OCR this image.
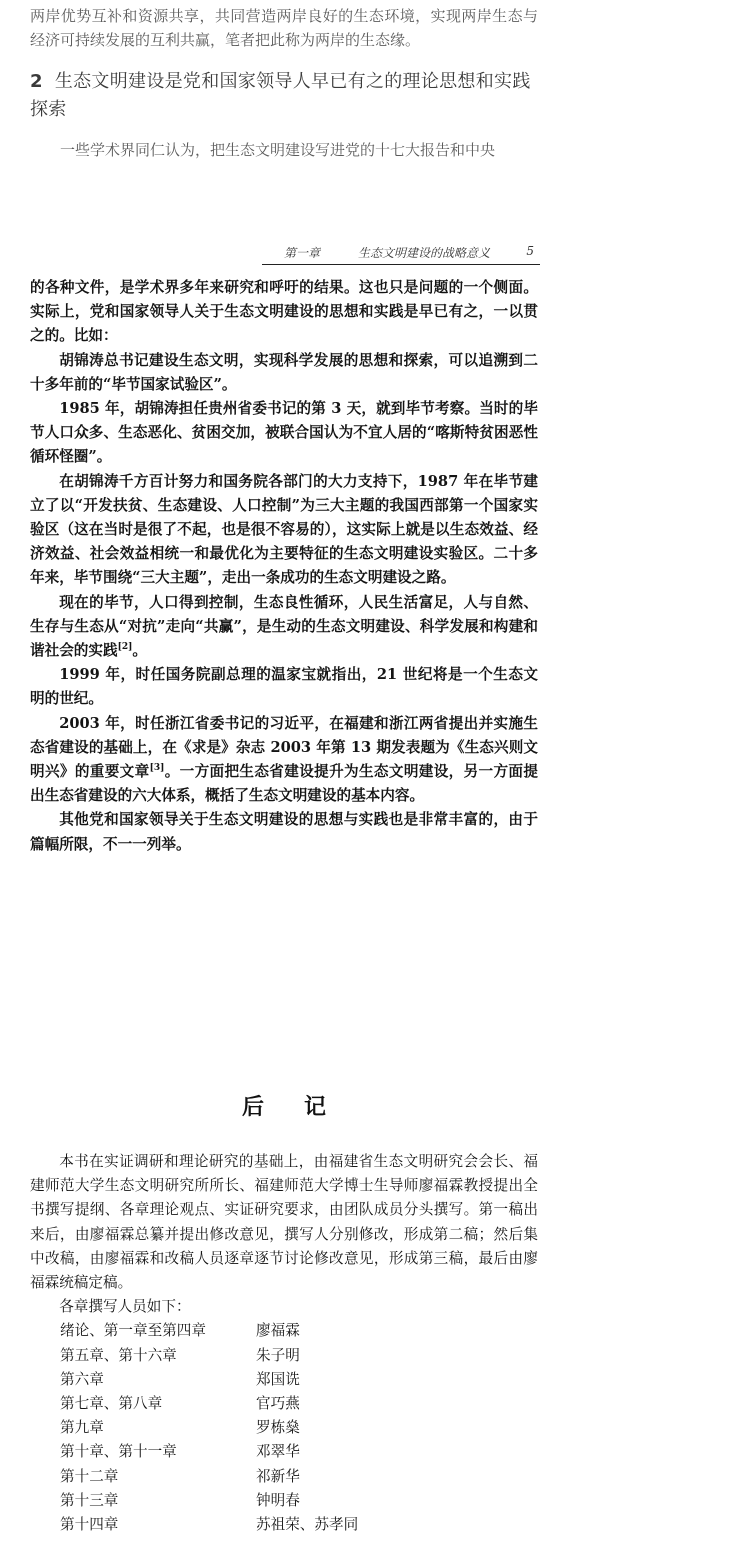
两岸优势互补和资源共享，共同营造两岸良好的生态环境，实现两岸生态与经济可持续发展的互利共赢，笔者把此称为两岸的生态缘。

2 生态文明建设是党和国家领导人早已有之的理论思想和实践探索

一些学术界同仁认为，把生态文明建设写进党的十七大报告和中央

第一章	生态文明建设的战略意义	5

的各种文件，是学术界多年来研究和呼吁的结果。这也只是问题的一个侧面。实际上，党和国家领导人关于生态文明建设的思想和实践是早已有之，一以贯之的。比如：

胡锦涛总书记建设生态文明，实现科学发展的思想和探索，可以追溯到二十多年前的“毕节国家试验区”。

1985 年，胡锦涛担任贵州省委书记的第 3 天，就到毕节考察。当时的毕节人口众多、生态恶化、贫困交加，被联合国认为不宜人居的“喀斯特贫困恶性循环怪圈”。

在胡锦涛千方百计努力和国务院各部门的大力支持下，1987 年在毕节建立了以“开发扶贫、生态建设、人口控制”为三大主题的我国西部第一个国家实验区（这在当时是很了不起，也是很不容易的），这实际上就是以生态效益、经济效益、社会效益相统一和最优化为主要特征的生态文明建设实验区。二十多年来，毕节围绕“三大主题”，走出一条成功的生态文明建设之路。

现在的毕节，人口得到控制，生态良性循环，人民生活富足，人与自然、生存与生态从“对抗”走向“共赢”，是生动的生态文明建设、科学发展和构建和谐社会的实践[2]。

1999 年，时任国务院副总理的温家宝就指出，21 世纪将是一个生态文明的世纪。

2003 年，时任浙江省委书记的习近平，在福建和浙江两省提出并实施生态省建设的基础上，在《求是》杂志 2003 年第 13 期发表题为《生态兴则文明兴》的重要文章[3]。一方面把生态省建设提升为生态文明建设，另一方面提出生态省建设的六大体系，概括了生态文明建设的基本内容。

其他党和国家领导关于生态文明建设的思想与实践也是非常丰富的，由于篇幅所限，不一一列举。

后记

本书在实证调研和理论研究的基础上，由福建省生态文明研究会会长、福建师范大学生态文明研究所所长、福建师范大学博士生导师廖福霖教授提出全书撰写提纲、各章理论观点、实证研究要求，由团队成员分头撰写。第一稿出来后，由廖福霖总纂并提出修改意见，撰写人分别修改，形成第二稿；然后集中改稿，由廖福霖和改稿人员逐章逐节讨论修改意见，形成第三稿，最后由廖福霖统稿定稿。

各章撰写人员如下：

绪论、第一章至第四章	廖福霖
第五章、第十六章	朱子明
第六章	郑国诜
第七章、第八章	官巧燕
第九章	罗栋燊
第十章、第十一章	邓翠华
第十二章	祁新华
第十三章	钟明春
第十四章	苏祖荣、苏孝同
